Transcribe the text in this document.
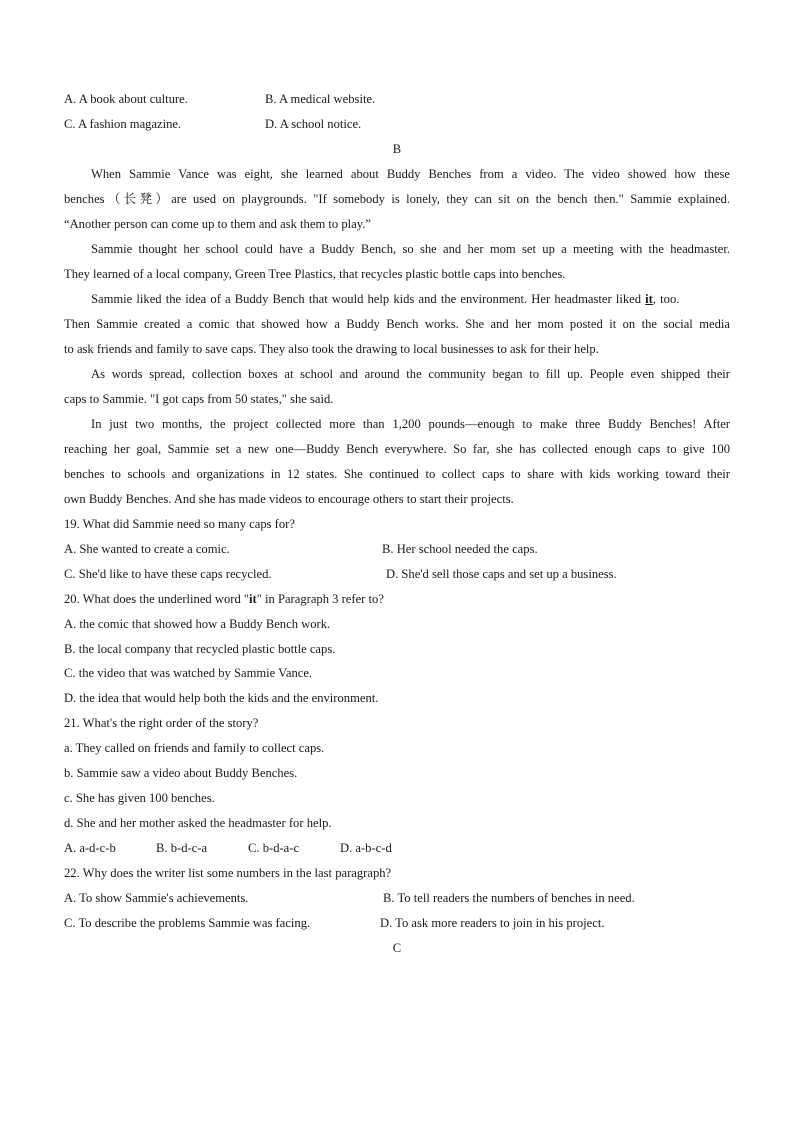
A. A book about culture.	B. A medical website.
C. A fashion magazine.	D. A school notice.
B
When Sammie Vance was eight, she learned about Buddy Benches from a video. The video showed how these
benches（长凳）are used on playgrounds. "If somebody is lonely, they can sit on the bench then." Sammie explained.
“Another person can come up to them and ask them to play.”
Sammie thought her school could have a Buddy Bench, so she and her mom set up a meeting with the headmaster.
They learned of a local company, Green Tree Plastics, that recycles plastic bottle caps into benches.
Sammie liked the idea of a Buddy Bench that would help kids and the environment. Her headmaster liked it, too.
Then Sammie created a comic that showed how a Buddy Bench works. She and her mom posted it on the social media
to ask friends and family to save caps. They also took the drawing to local businesses to ask for their help.
As words spread, collection boxes at school and around the community began to fill up. People even shipped their
caps to Sammie. "I got caps from 50 states," she said.
In just two months, the project collected more than 1,200 pounds—enough to make three Buddy Benches! After
reaching her goal, Sammie set a new one—Buddy Bench everywhere. So far, she has collected enough caps to give 100
benches to schools and organizations in 12 states. She continued to collect caps to share with kids working toward their
own Buddy Benches. And she has made videos to encourage others to start their projects.
19. What did Sammie need so many caps for?
A. She wanted to create a comic.	B. Her school needed the caps.
C. She'd like to have these caps recycled.	D. She'd sell those caps and set up a business.
20. What does the underlined word "it" in Paragraph 3 refer to?
A. the comic that showed how a Buddy Bench work.
B. the local company that recycled plastic bottle caps.
C. the video that was watched by Sammie Vance.
D. the idea that would help both the kids and the environment.
21. What's the right order of the story?
a. They called on friends and family to collect caps.
b. Sammie saw a video about Buddy Benches.
c. She has given 100 benches.
d. She and her mother asked the headmaster for help.
A. a-d-c-b	B. b-d-c-a	C. b-d-a-c	D. a-b-c-d
22. Why does the writer list some numbers in the last paragraph?
A. To show Sammie's achievements.	B. To tell readers the numbers of benches in need.
C. To describe the problems Sammie was facing.	D. To ask more readers to join in his project.
C
